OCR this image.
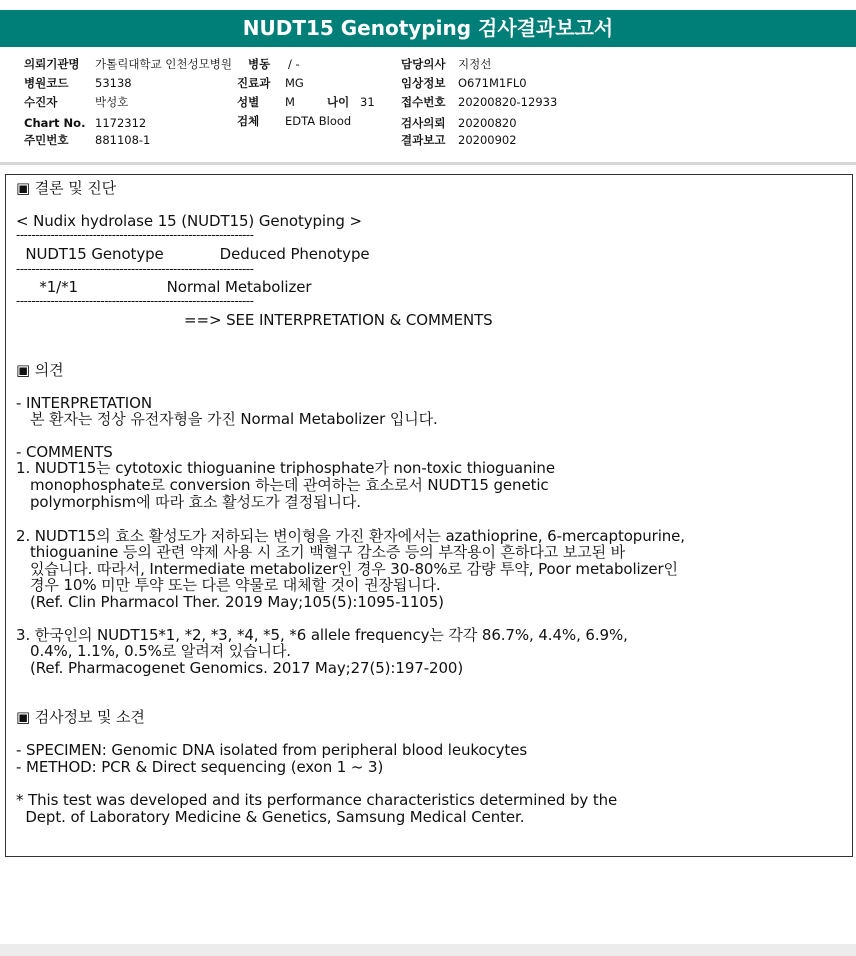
NUDT15 Genotyping 검사결과보고서
의뢰기관명 가톨릭대학교 인천성모병원 병동 / -	담당의사 지정선
병원코드 53138	진료과 MG	임상정보 O671M1FL0
수진자	박성호	성별 M	나이 31 접수번호 20200820-12933
Chart No. 1172312	검체 EDTA Blood	검사의뢰 20200820
주민번호 881108-1	결과보고 20200902
▣ 결론 및 진단
< Nudix hydrolase 15 (NUDT15) Genotyping >
--------------------------------------------------------------
NUDT15 Genotype            Deduced Phenotype
--------------------------------------------------------------
*1/*1                   Normal Metabolizer
--------------------------------------------------------------
==> SEE INTERPRETATION & COMMENTS
▣ 의견
- INTERPRETATION
본 환자는 정상 유전자형을 가진 Normal Metabolizer 입니다.
- COMMENTS
1. NUDT15는 cytotoxic thioguanine triphosphate가 non-toxic thioguanine
monophosphate로 conversion 하는데 관여하는 효소로서 NUDT15 genetic
polymorphism에 따라 효소 활성도가 결정됩니다.
2. NUDT15의 효소 활성도가 저하되는 변이형을 가진 환자에서는 azathioprine, 6-mercaptopurine,
thioguanine 등의 관련 약제 사용 시 조기 백혈구 감소증 등의 부작용이 흔하다고 보고된 바
있습니다. 따라서, Intermediate metabolizer인 경우 30-80%로 감량 투약, Poor metabolizer인
경우 10% 미만 투약 또는 다른 약물로 대체할 것이 권장됩니다.
(Ref. Clin Pharmacol Ther. 2019 May;105(5):1095-1105)
3. 한국인의 NUDT15*1, *2, *3, *4, *5, *6 allele frequency는 각각 86.7%, 4.4%, 6.9%,
0.4%, 1.1%, 0.5%로 알려져 있습니다.
(Ref. Pharmacogenet Genomics. 2017 May;27(5):197-200)
▣ 검사정보 및 소견
- SPECIMEN: Genomic DNA isolated from peripheral blood leukocytes
- METHOD: PCR & Direct sequencing (exon 1 ~ 3)
* This test was developed and its performance characteristics determined by the
Dept. of Laboratory Medicine & Genetics, Samsung Medical Center.
